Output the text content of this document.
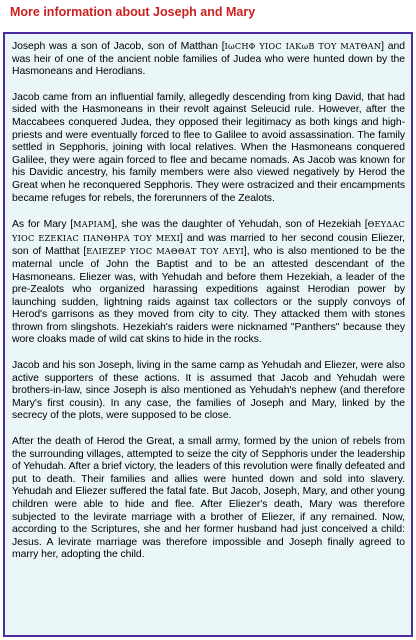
More information about Joseph and Mary

Joseph was a son of Jacob, son of Matthan [ΙωϹΗΦ ΥΙΟϹ ΙΑΚωΒ ΤΟΥ ΜΑΤΘΑΝ] and was heir of one of the ancient noble families of Judea who were hunted down by the Hasmoneans and Herodians.

Jacob came from an influential family, allegedly descending from king David, that had sided with the Hasmoneans in their revolt against Seleucid rule. However, after the Maccabees conquered Judea, they opposed their legitimacy as both kings and high-priests and were eventually forced to flee to Galilee to avoid assassination. The family settled in Sepphoris, joining with local relatives. When the Hasmoneans conquered Galilee, they were again forced to flee and became nomads. As Jacob was known for his Davidic ancestry, his family members were also viewed negatively by Herod the Great when he reconquered Sepphoris. They were ostracized and their encampments became refuges for rebels, the forerunners of the Zealots.

As for Mary [ΜΑΡΙΑΜ], she was the daughter of Yehudah, son of Hezekiah [ΘΕΥΔΑϹ ΥΙΟϹ ΕΖΕΚΙΑϹ ΠΑΝΘΗΡΑ ΤΟΥ ΜΕΧΙ] and was married to her second cousin Eliezer, son of Matthat [ΕΛΙΕΖΕΡ ΥΙΟϹ ΜΑΘΘΑΤ ΤΟΥ ΛΕΥΙ], who is also mentioned to be the maternal uncle of John the Baptist and to be an attested descendant of the Hasmoneans. Eliezer was, with Yehudah and before them Hezekiah, a leader of the pre-Zealots who organized harassing expeditions against Herodian power by launching sudden, lightning raids against tax collectors or the supply convoys of Herod's garrisons as they moved from city to city. They attacked them with stones thrown from slingshots. Hezekiah's raiders were nicknamed "Panthers" because they wore cloaks made of wild cat skins to hide in the rocks.

Jacob and his son Joseph, living in the same camp as Yehudah and Eliezer, were also active supporters of these actions. It is assumed that Jacob and Yehudah were brothers-in-law, since Joseph is also mentioned as Yehudah's nephew (and therefore Mary's first cousin). In any case, the families of Joseph and Mary, linked by the secrecy of the plots, were supposed to be close.

After the death of Herod the Great, a small army, formed by the union of rebels from the surrounding villages, attempted to seize the city of Sepphoris under the leadership of Yehudah. After a brief victory, the leaders of this revolution were finally defeated and put to death. Their families and allies were hunted down and sold into slavery. Yehudah and Eliezer suffered the fatal fate. But Jacob, Joseph, Mary, and other young children were able to hide and flee. After Eliezer's death, Mary was therefore subjected to the levirate marriage with a brother of Eliezer, if any remained. Now, according to the Scriptures, she and her former husband had just conceived a child: Jesus. A levirate marriage was therefore impossible and Joseph finally agreed to marry her, adopting the child.
